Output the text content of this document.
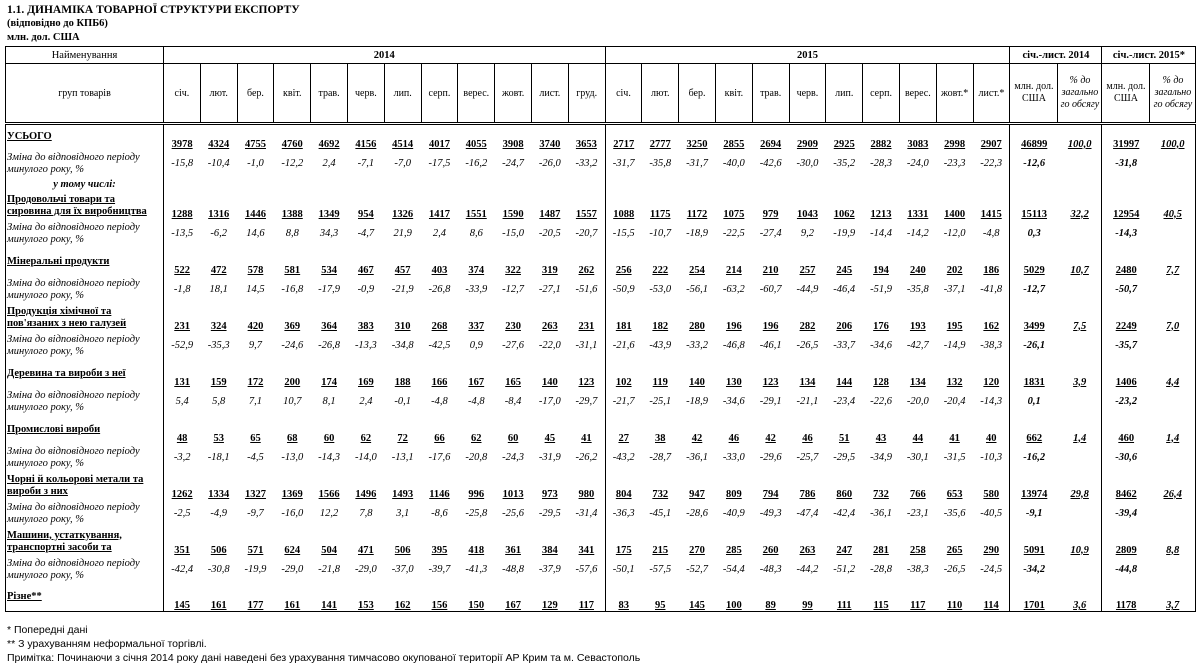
1.1. ДИНАМІКА ТОВАРНОЇ СТРУКТУРИ ЕКСПОРТУ
(відповідно до КПБ6)
млн. дол. США
Найменування	2014												2015											січ.-лист. 2014		січ.-лист. 2015*	
груп товарів	січ.	лют.	бер.	квіт.	трав.	черв.	лип.	серп.	верес.	жовт.	лист.	груд.	січ.	лют.	бер.	квіт.	трав.	черв.	лип.	серп.	верес.	жовт.*	лист.*	млн. дол. США	% до загально го обсягу	млн. дол. США	% до загально го обсягу
УСЬОГО	3978	4324	4755	4760	4692	4156	4514	4017	4055	3908	3740	3653	2717	2777	3250	2855	2694	2909	2925	2882	3083	2998	2907	46899	100,0	31997	100,0
Зміна до відповідного періоду минулого року, %	-15,8	-10,4	-1,0	-12,2	2,4	-7,1	-7,0	-17,5	-16,2	-24,7	-26,0	-33,2	-31,7	-35,8	-31,7	-40,0	-42,6	-30,0	-35,2	-28,3	-24,0	-23,3	-22,3	-12,6		-31,8	
у тому числі:																											
Продовольчі товари та сировина для їх виробництва	1288	1316	1446	1388	1349	954	1326	1417	1551	1590	1487	1557	1088	1175	1172	1075	979	1043	1062	1213	1331	1400	1415	15113	32,2	12954	40,5
Зміна до відповідного періоду минулого року, %	-13,5	-6,2	14,6	8,8	34,3	-4,7	21,9	2,4	8,6	-15,0	-20,5	-20,7	-15,5	-10,7	-18,9	-22,5	-27,4	9,2	-19,9	-14,4	-14,2	-12,0	-4,8	0,3		-14,3	
Мінеральні продукти	522	472	578	581	534	467	457	403	374	322	319	262	256	222	254	214	210	257	245	194	240	202	186	5029	10,7	2480	7,7
Зміна до відповідного періоду минулого року, %	-1,8	18,1	14,5	-16,8	-17,9	-0,9	-21,9	-26,8	-33,9	-12,7	-27,1	-51,6	-50,9	-53,0	-56,1	-63,2	-60,7	-44,9	-46,4	-51,9	-35,8	-37,1	-41,8	-12,7		-50,7	
Продукція хімічної та пов'язаних з нею галузей	231	324	420	369	364	383	310	268	337	230	263	231	181	182	280	196	196	282	206	176	193	195	162	3499	7,5	2249	7,0
Зміна до відповідного періоду минулого року, %	-52,9	-35,3	9,7	-24,6	-26,8	-13,3	-34,8	-42,5	0,9	-27,6	-22,0	-31,1	-21,6	-43,9	-33,2	-46,8	-46,1	-26,5	-33,7	-34,6	-42,7	-14,9	-38,3	-26,1		-35,7	
Деревина та вироби з неї	131	159	172	200	174	169	188	166	167	165	140	123	102	119	140	130	123	134	144	128	134	132	120	1831	3,9	1406	4,4
Зміна до відповідного періоду минулого року, %	5,4	5,8	7,1	10,7	8,1	2,4	-0,1	-4,8	-4,8	-8,4	-17,0	-29,7	-21,7	-25,1	-18,9	-34,6	-29,1	-21,1	-23,4	-22,6	-20,0	-20,4	-14,3	0,1		-23,2	
Промислові вироби	48	53	65	68	60	62	72	66	62	60	45	41	27	38	42	46	42	46	51	43	44	41	40	662	1,4	460	1,4
Зміна до відповідного періоду минулого року, %	-3,2	-18,1	-4,5	-13,0	-14,3	-14,0	-13,1	-17,6	-20,8	-24,3	-31,9	-26,2	-43,2	-28,7	-36,1	-33,0	-29,6	-25,7	-29,5	-34,9	-30,1	-31,5	-10,3	-16,2		-30,6	
Чорні й кольорові метали та вироби з них	1262	1334	1327	1369	1566	1496	1493	1146	996	1013	973	980	804	732	947	809	794	786	860	732	766	653	580	13974	29,8	8462	26,4
Зміна до відповідного періоду минулого року, %	-2,5	-4,9	-9,7	-16,0	12,2	7,8	3,1	-8,6	-25,8	-25,6	-29,5	-31,4	-36,3	-45,1	-28,6	-40,9	-49,3	-47,4	-42,4	-36,1	-23,1	-35,6	-40,5	-9,1		-39,4	
Машини, устаткування, транспортні засоби та	351	506	571	624	504	471	506	395	418	361	384	341	175	215	270	285	260	263	247	281	258	265	290	5091	10,9	2809	8,8
Зміна до відповідного періоду минулого року, %	-42,4	-30,8	-19,9	-29,0	-21,8	-29,0	-37,0	-39,7	-41,3	-48,8	-37,9	-57,6	-50,1	-57,5	-52,7	-54,4	-48,3	-44,2	-51,2	-28,8	-38,3	-26,5	-24,5	-34,2		-44,8	
Різне**	145	161	177	161	141	153	162	156	150	167	129	117	83	95	145	100	89	99	111	115	117	110	114	1701	3,6	1178	3,7
* Попередні дані
** З урахуванням неформальної торгівлі.
Примітка: Починаючи з січня 2014 року дані наведені без урахування тимчасово окупованої території АР Крим та м. Севастополь
